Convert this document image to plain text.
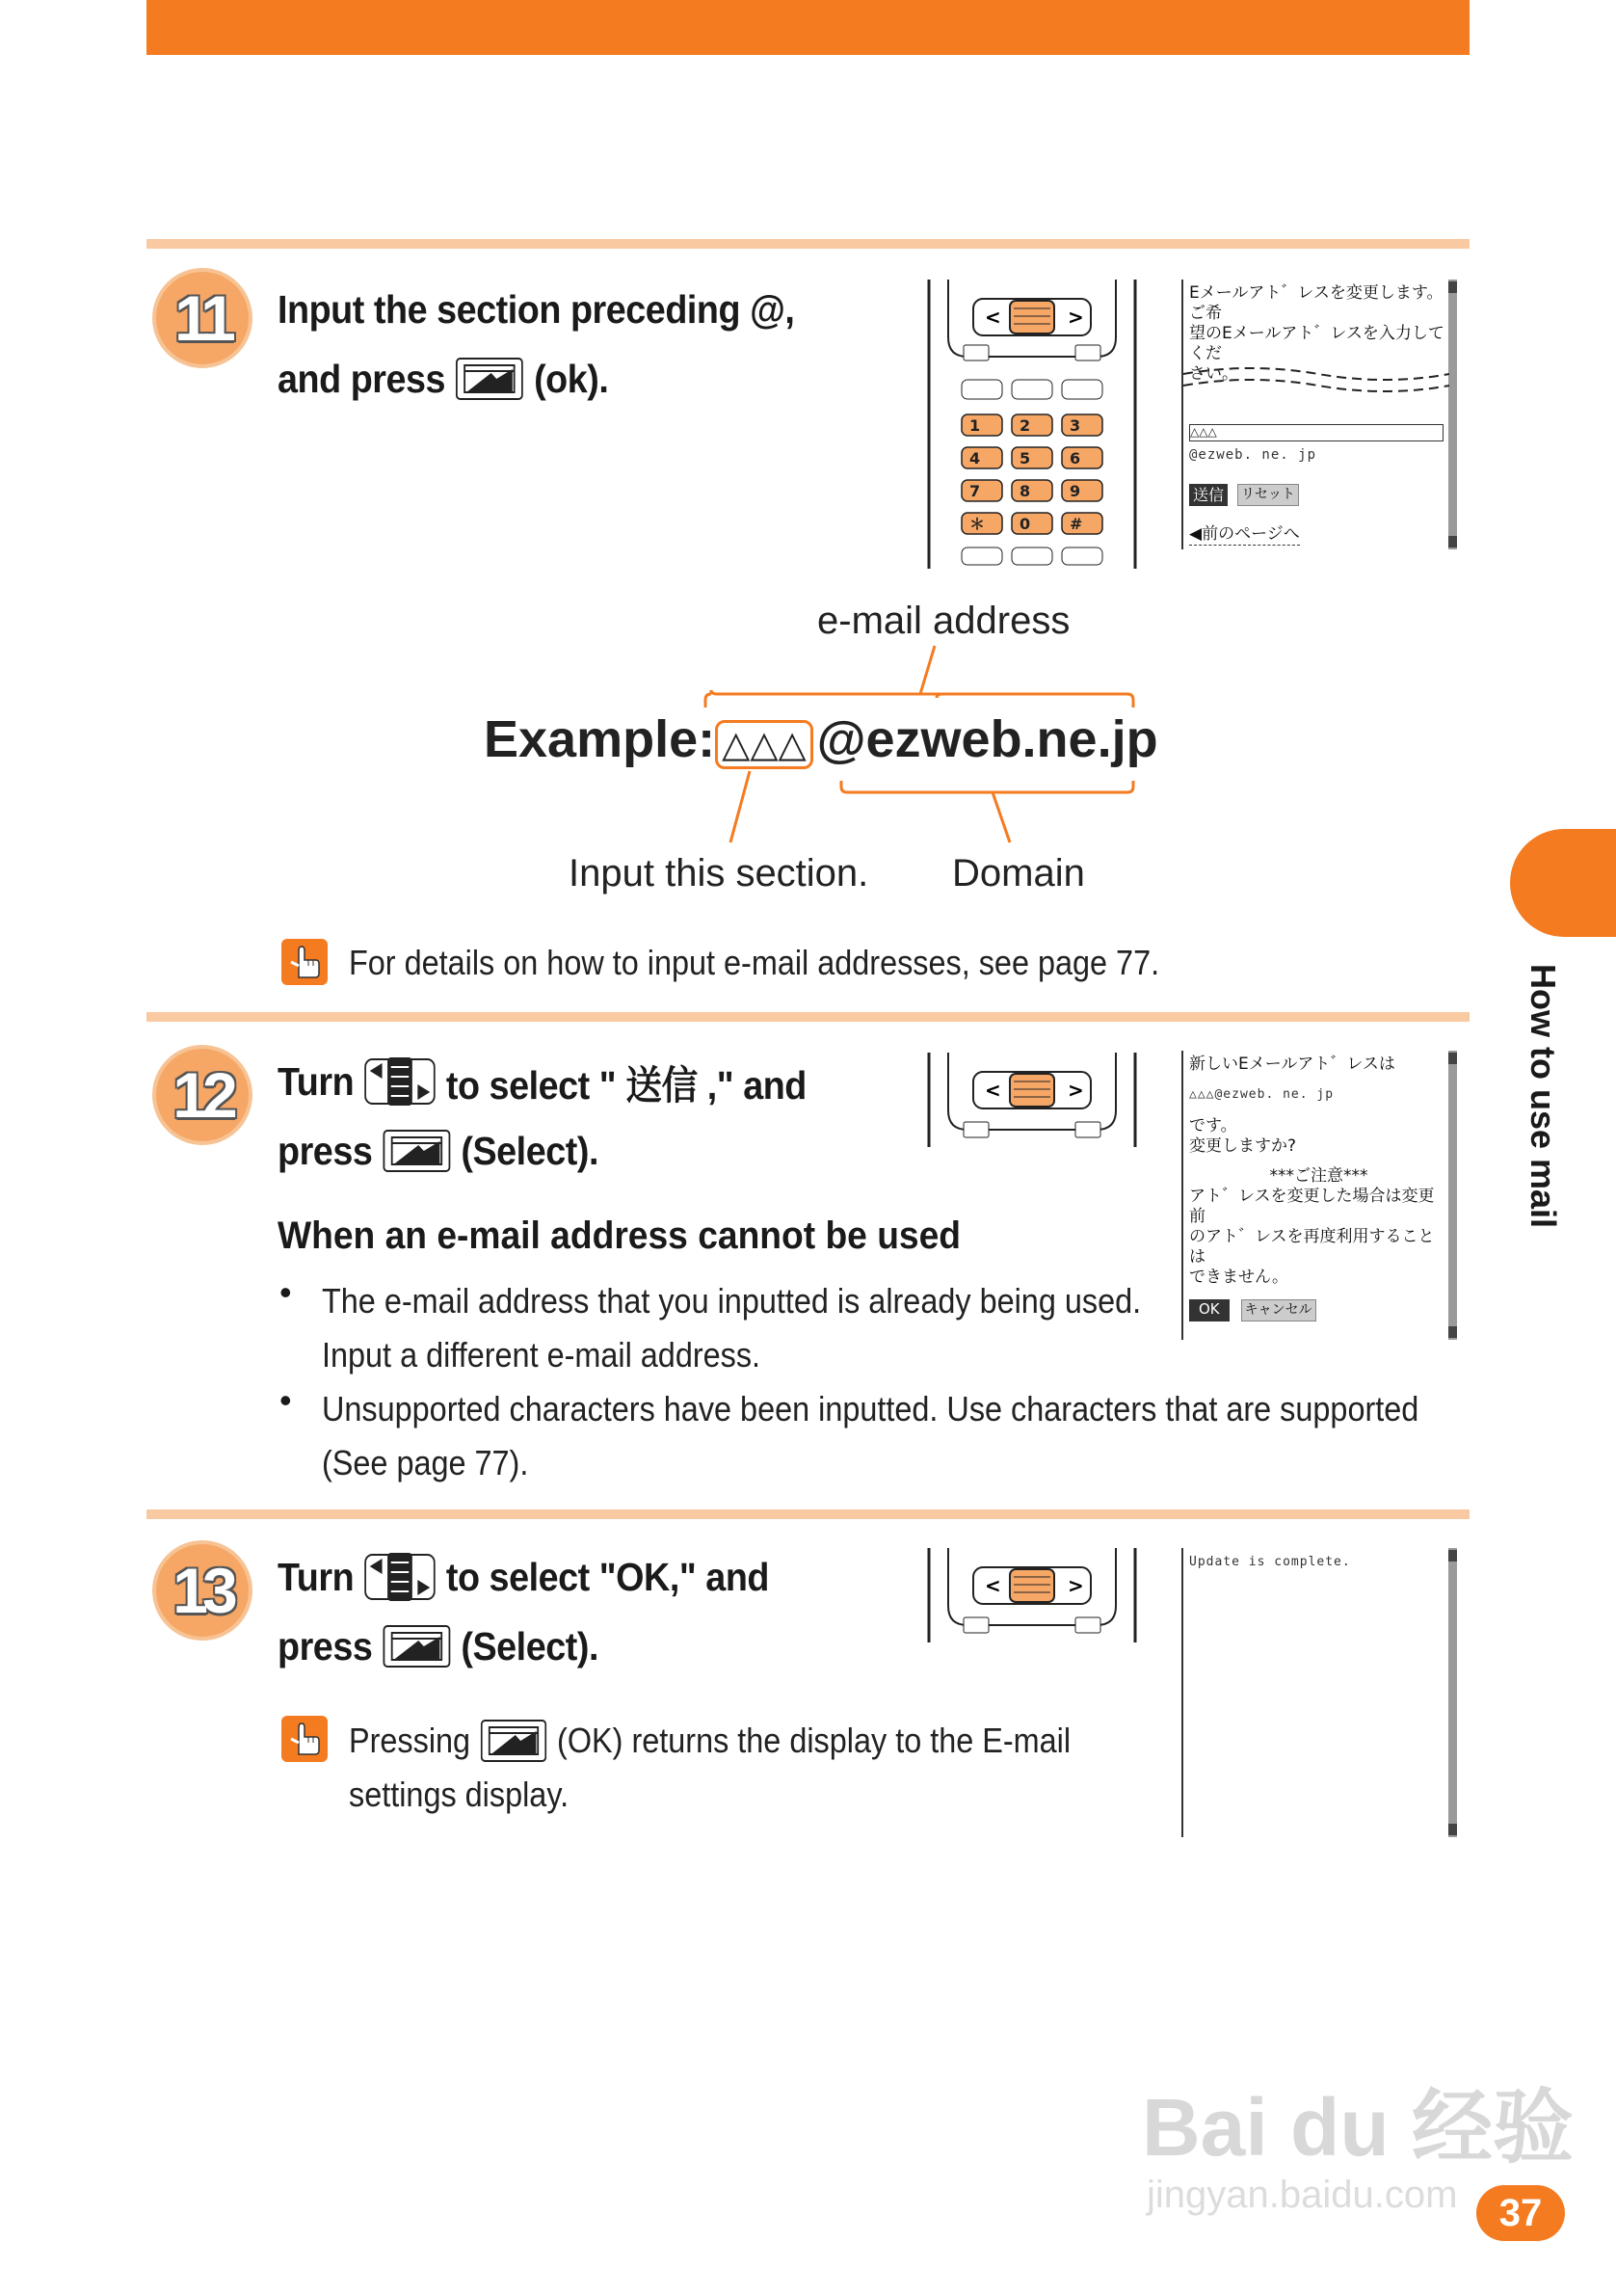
11	Input the section preceding @,
and press (ok).
<	>
1	2	3
4	5	6
7	8	9
＊ 0	#
Eメールアト゛レスを変更します。ご希
望のEメールアト゛レスを入力してくだ
さい。
△△△
@ezweb. ne. jp
送信 リセット
◀前のページへ
e-mail address
Example: △△△ @ ezweb.ne.jp
Input this section. Domain
For details on how to input e-mail addresses, see page 77.
12	Turn to select " 送信 ," and
press (Select).
<	>
新しいEメールアト゛レスは
△△△@ezweb. ne. jp
です。
変更しますか?
***ご注意***
アト゛レスを変更した場合は変更前
のアト゛レスを再度利用することは
できません。
OK	キャンセル
When an e-mail address cannot be used
• The e-mail address that you inputted is already being used.
Input a different e-mail address.
• Unsupported characters have been inputted. Use characters that are supported
(See page 77).
13	Turn to select "OK," and
press (Select).
<	>
Update is complete.
Pressing	(OK) returns the display to the E-mail
settings display.
How to use mail
Bai du 经验
jingyan.baidu.com	37
